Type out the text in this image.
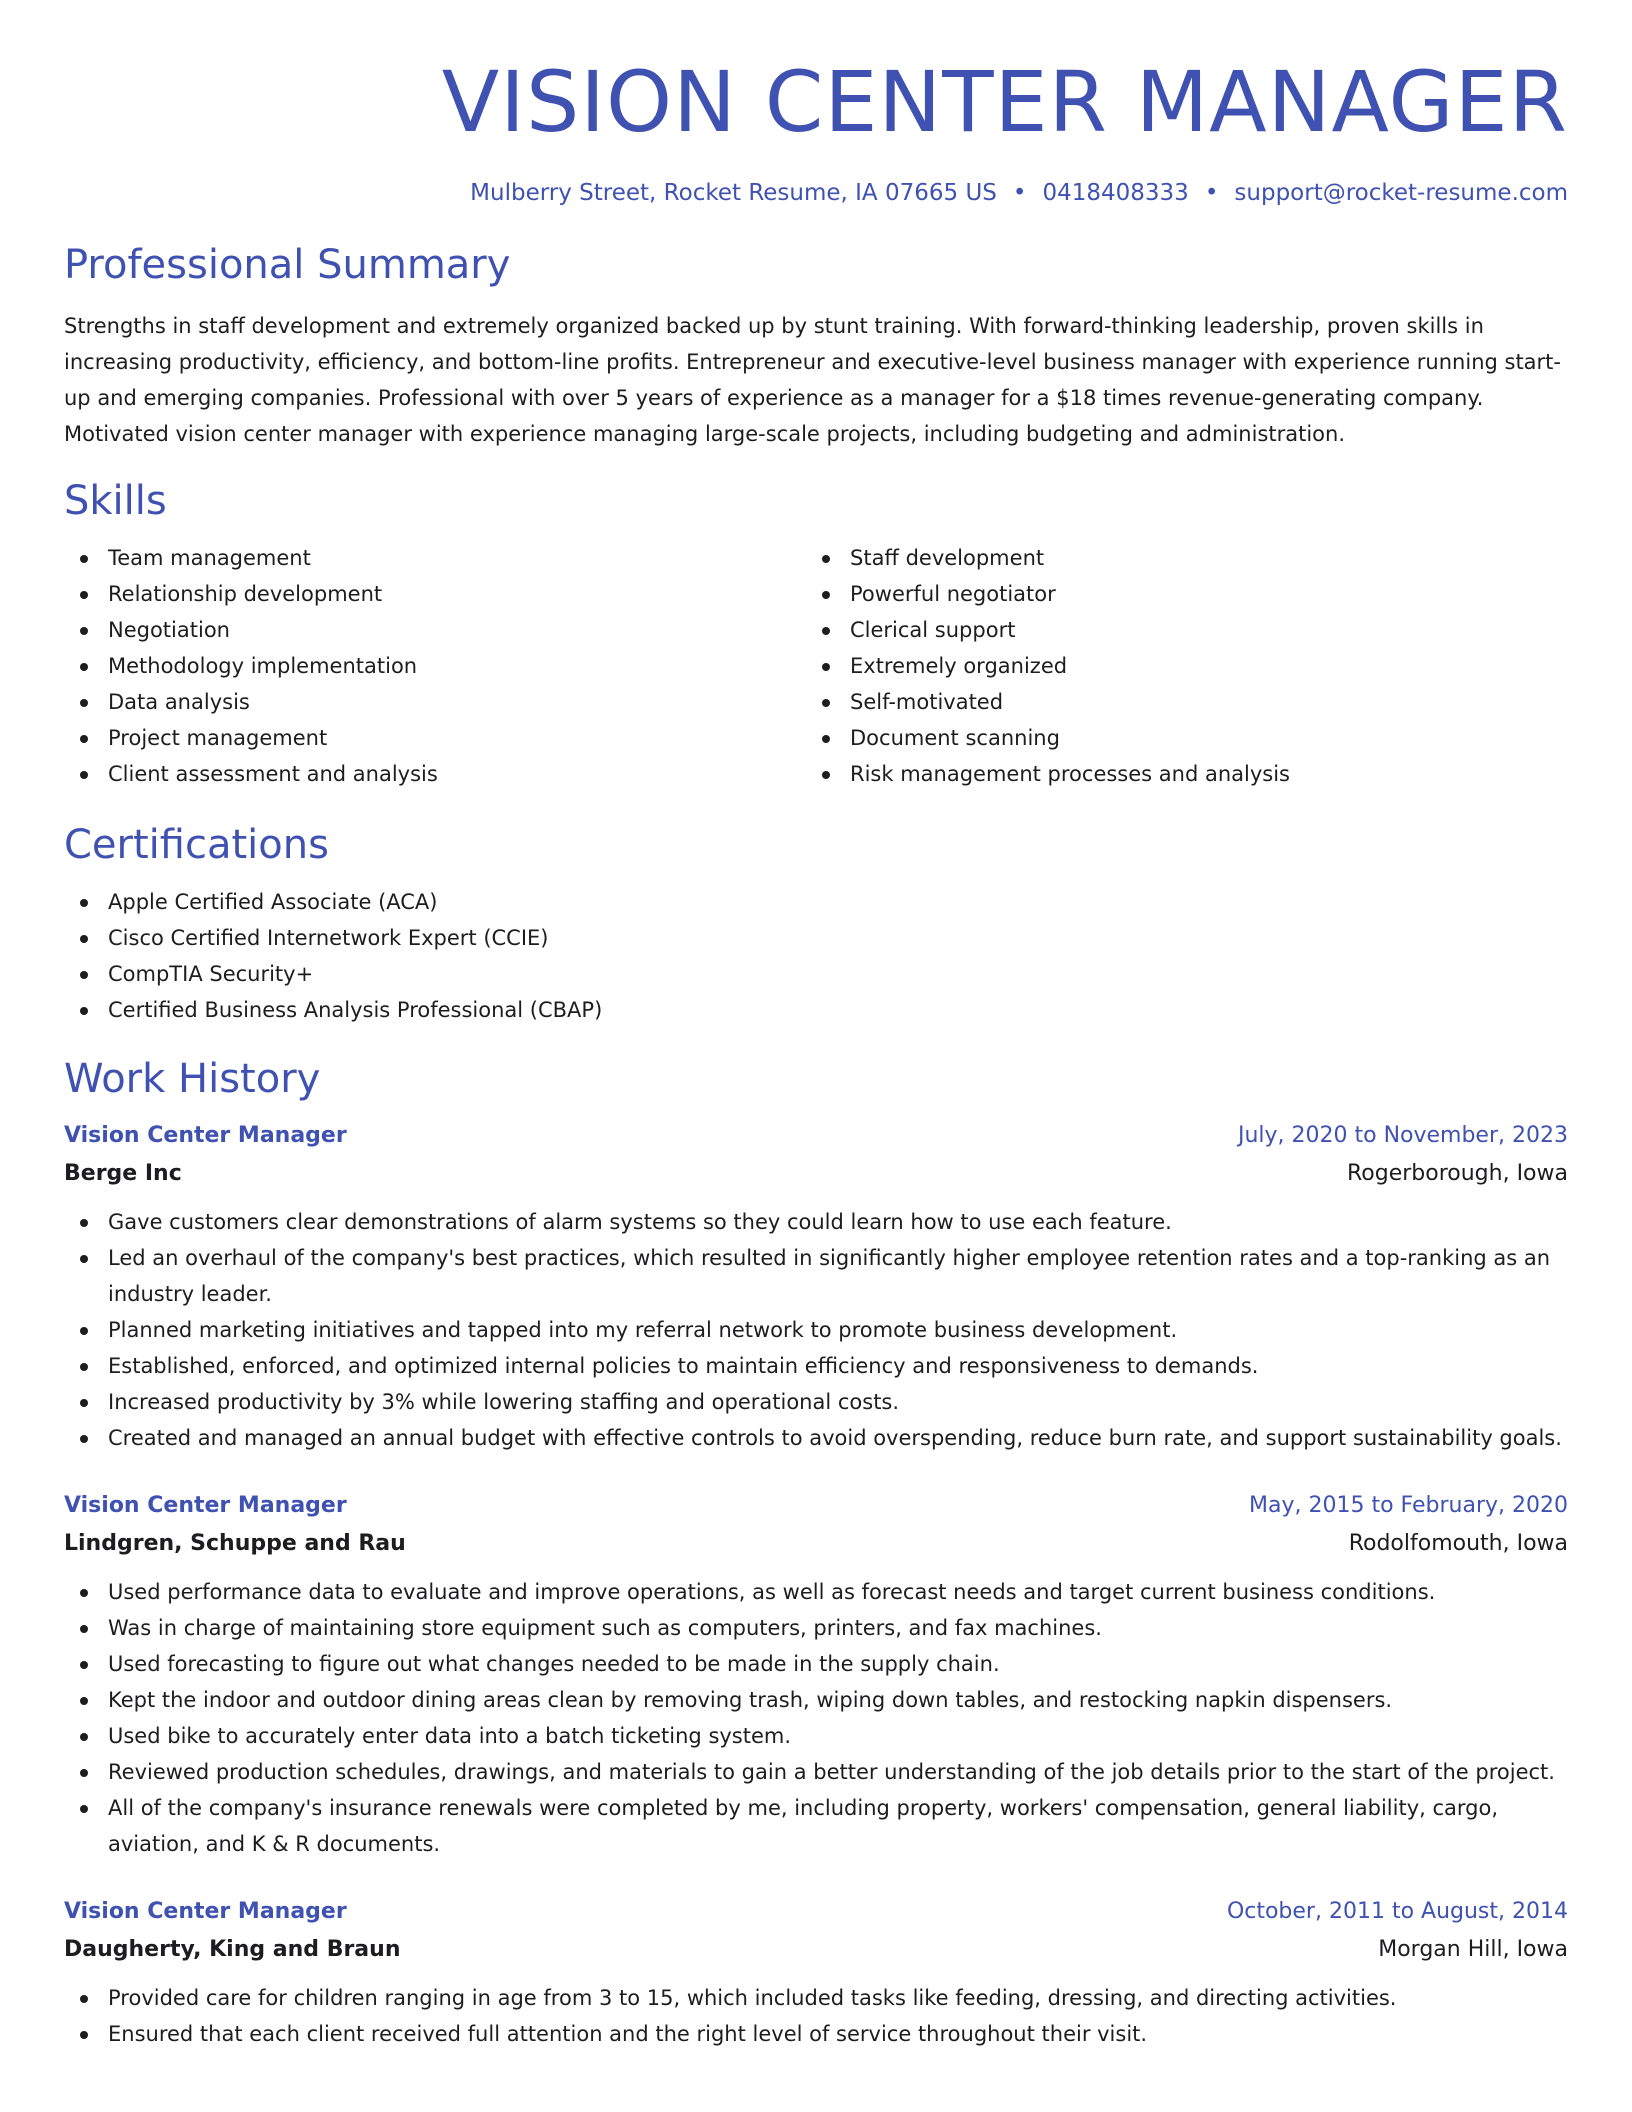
VISION CENTER MANAGER
Mulberry Street, Rocket Resume, IA 07665 US • 0418408333 • support@rocket-resume.com
Professional Summary

Strengths in staff development and extremely organized backed up by stunt training. With forward-thinking leadership, proven skills in increasing productivity, efficiency, and bottom-line profits. Entrepreneur and executive-level business manager with experience running start-up and emerging companies. Professional with over 5 years of experience as a manager for a $18 times revenue-generating company. Motivated vision center manager with experience managing large-scale projects, including budgeting and administration.

Skills
Team management
Relationship development
Negotiation
Methodology implementation
Data analysis
Project management
Client assessment and analysis
Staff development
Powerful negotiator
Clerical support
Extremely organized
Self-motivated
Document scanning
Risk management processes and analysis
Certifications
Apple Certified Associate (ACA)
Cisco Certified Internetwork Expert (CCIE)
CompTIA Security+
Certified Business Analysis Professional (CBAP)
Work History
Vision Center Manager	July, 2020 to November, 2023
Berge Inc	Rogerborough, Iowa
Gave customers clear demonstrations of alarm systems so they could learn how to use each feature.
Led an overhaul of the company's best practices, which resulted in significantly higher employee retention rates and a top-ranking as an industry leader.
Planned marketing initiatives and tapped into my referral network to promote business development.
Established, enforced, and optimized internal policies to maintain efficiency and responsiveness to demands.
Increased productivity by 3% while lowering staffing and operational costs.
Created and managed an annual budget with effective controls to avoid overspending, reduce burn rate, and support sustainability goals.
Vision Center Manager	May, 2015 to February, 2020
Lindgren, Schuppe and Rau	Rodolfomouth, Iowa
Used performance data to evaluate and improve operations, as well as forecast needs and target current business conditions.
Was in charge of maintaining store equipment such as computers, printers, and fax machines.
Used forecasting to figure out what changes needed to be made in the supply chain.
Kept the indoor and outdoor dining areas clean by removing trash, wiping down tables, and restocking napkin dispensers.
Used bike to accurately enter data into a batch ticketing system.
Reviewed production schedules, drawings, and materials to gain a better understanding of the job details prior to the start of the project.
All of the company's insurance renewals were completed by me, including property, workers' compensation, general liability, cargo, aviation, and K & R documents.
Vision Center Manager	October, 2011 to August, 2014
Daugherty, King and Braun	Morgan Hill, Iowa
Provided care for children ranging in age from 3 to 15, which included tasks like feeding, dressing, and directing activities.
Ensured that each client received full attention and the right level of service throughout their visit.
